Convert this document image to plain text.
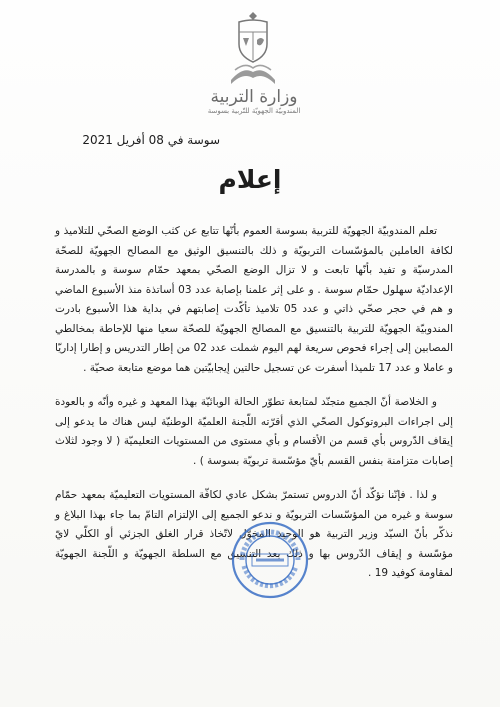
وزارة التربية
المندوبيّة الجهويّة للتّربية بسوسة
سوسة في 08 أفريل 2021
إعلام

تعلم المندوبيّة الجهويّة للتربية بسوسة العموم بأنّها تتابع عن كثب الوضع الصحّي للتلاميذ و لكافة العاملين بالمؤسّسات التربويّة و ذلك بالتنسيق الوثيق مع المصالح الجهويّة للصحّة المدرسيّة و تفيد بأنّها تابعت و لا تزال الوضع الصحّي بمعهد حمّام سوسة و بالمدرسة الإعداديّة سهلول حمّام سوسة . و على إثر علمنا بإصابة عدد 03 أساتذة منذ الأسبوع الماضي و هم في حجر صحّي ذاتي و عدد 05 تلاميذ تأكّدت إصابتهم في بداية هذا الأسبوع بادرت المندوبيّة الجهويّة للتربية بالتنسيق مع المصالح الجهويّة للصحّة سعيا منها للإحاطة بمخالطي المصابين إلى إجراء فحوص سريعة لهم اليوم شملت عدد 02 من إطار التدريس و إطارا إداريّا و عاملا و عدد 17 تلميذا أسفرت عن تسجيل حالتين إيجابيّتين هما موضع متابعة صحيّة .

و الخلاصة أنّ الجميع متجنّد لمتابعة تطوّر الحالة الوبائيّة بهذا المعهد و غيره وأنّه و بالعودة إلى اجراءات البروتوكول الصحّي الذي أقرّته اللّجنة العلميّة الوطنيّة ليس هناك ما يدعو إلى إيقاف الدّروس بأي قسم من الأقسام و بأي مستوى من المستويات التعليميّة ( لا وجود لثلاث إصابات متزامنة بنفس القسم بأيّ مؤسّسة تربويّة بسوسة ) .

و لذا . فإنّنا نؤكّد أنّ الدروس تستمرّ بشكل عادي لكافّة المستويات التعليميّة بمعهد حمّام سوسة و غيره من المؤسّسات التربويّة و ندعو الجميع إلى الإلتزام التامّ بما جاء بهذا البلاغ و نذكّر بأنّ السيّد وزير التربية هو الوحيد المخوّل لاتّخاذ قرار الغلق الجزئي أو الكلّي لايّ مؤسّسة و إيقاف الدّروس بها و ذلك بعد التنسيق مع السلطة الجهويّة و اللّجنة الجهويّة لمقاومة كوفيد 19 .
